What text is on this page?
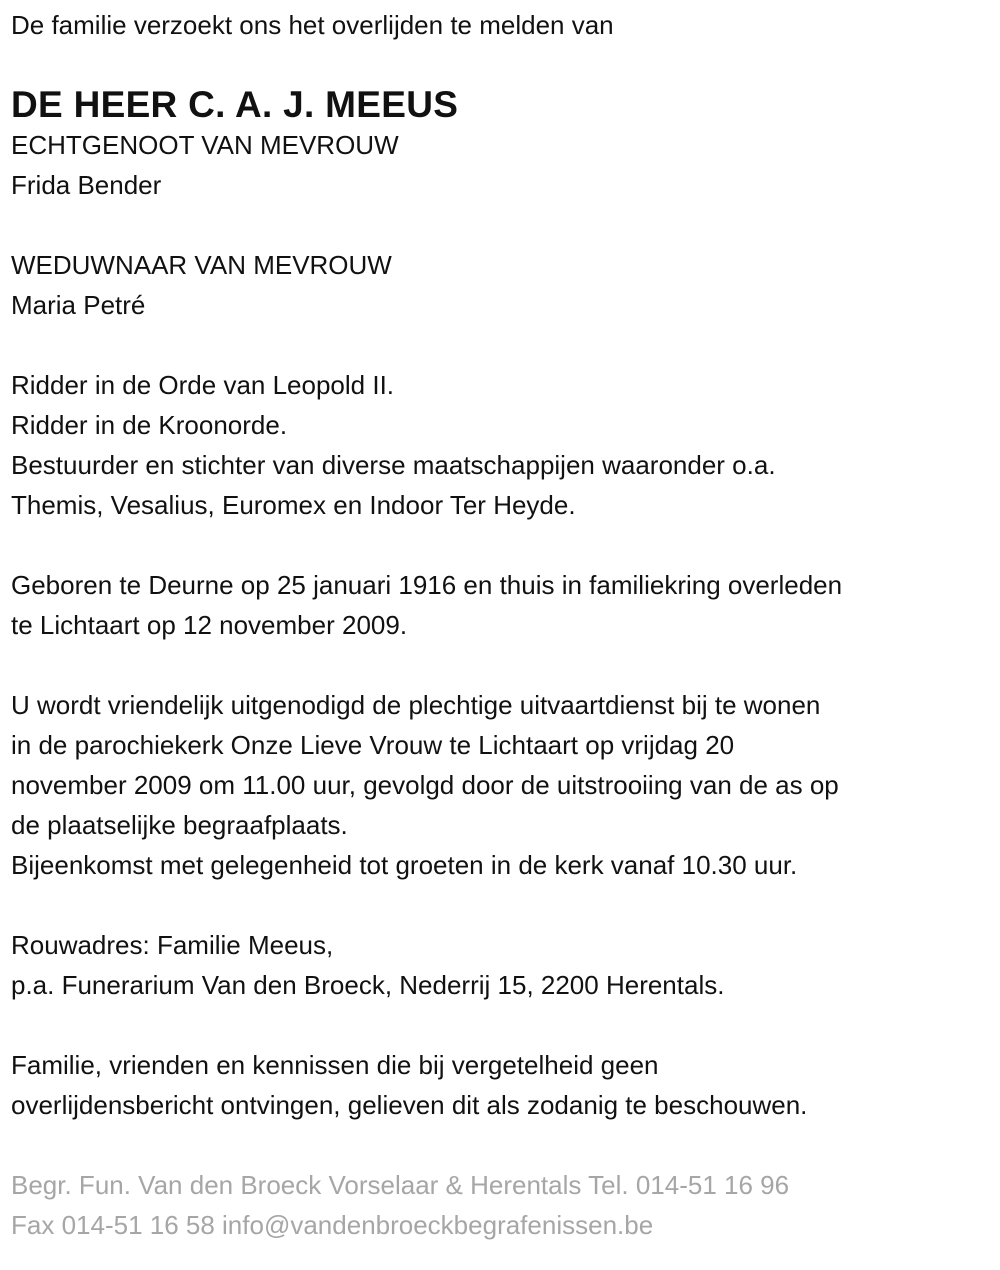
De familie verzoekt ons het overlijden te melden van
DE HEER C. A. J. MEEUS
ECHTGENOOT VAN MEVROUW
Frida Bender
WEDUWNAAR VAN MEVROUW
Maria Petré
Ridder in de Orde van Leopold II.
Ridder in de Kroonorde.
Bestuurder en stichter van diverse maatschappijen waaronder o.a.
Themis, Vesalius, Euromex en Indoor Ter Heyde.
Geboren te Deurne op 25 januari 1916 en thuis in familiekring overleden
te Lichtaart op 12 november 2009.
U wordt vriendelijk uitgenodigd de plechtige uitvaartdienst bij te wonen
in de parochiekerk Onze Lieve Vrouw te Lichtaart op vrijdag 20
november 2009 om 11.00 uur, gevolgd door de uitstrooiing van de as op
de plaatselijke begraafplaats.
Bijeenkomst met gelegenheid tot groeten in de kerk vanaf 10.30 uur.
Rouwadres: Familie Meeus,
p.a. Funerarium Van den Broeck, Nederrij 15, 2200 Herentals.
Familie, vrienden en kennissen die bij vergetelheid geen
overlijdensbericht ontvingen, gelieven dit als zodanig te beschouwen.
Begr. Fun. Van den Broeck Vorselaar & Herentals Tel. 014-51 16 96
Fax 014-51 16 58 info@vandenbroeckbegrafenissen.be
